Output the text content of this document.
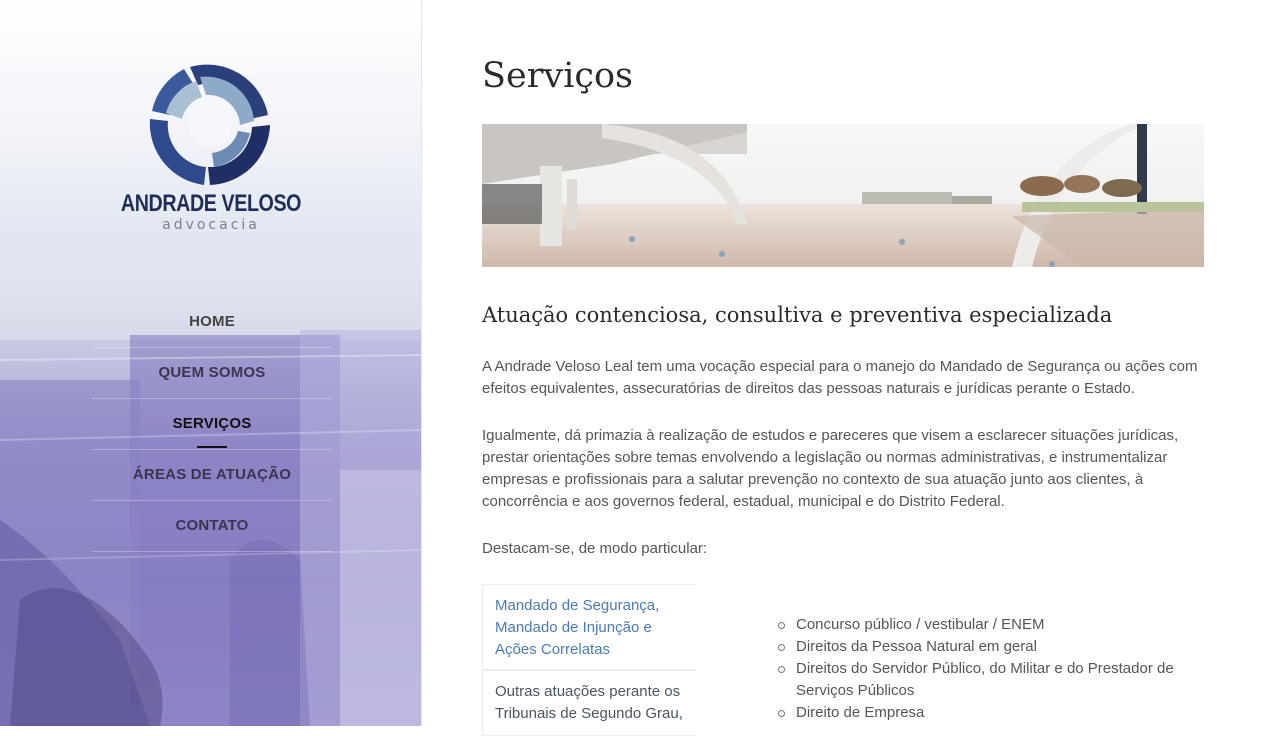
ANDRADE VELOSO
advocacia
HOME
QUEM SOMOS
SERVIÇOS
ÁREAS DE ATUAÇÃO
CONTATO
Serviços
Atuação contenciosa, consultiva e preventiva especializada

A Andrade Veloso Leal tem uma vocação especial para o manejo do Mandado de Segurança ou ações com efeitos equivalentes, assecuratórias de direitos das pessoas naturais e jurídicas perante o Estado.

Igualmente, dá primazia à realização de estudos e pareceres que visem a esclarecer situações jurídicas, prestar orientações sobre temas envolvendo a legislação ou normas administrativas, e instrumentalizar empresas e profissionais para a salutar prevenção no contexto de sua atuação junto aos clientes, à concorrência e aos governos federal, estadual, municipal e do Distrito Federal.

Destacam-se, de modo particular:

Mandado de Segurança, Mandado de Injunção e Ações Correlatas
Outras atuações perante os Tribunais de Segundo Grau,
Concurso público / vestibular / ENEM
Direitos da Pessoa Natural em geral
Direitos do Servidor Público, do Militar e do Prestador de Serviços Públicos
Direito de Empresa
